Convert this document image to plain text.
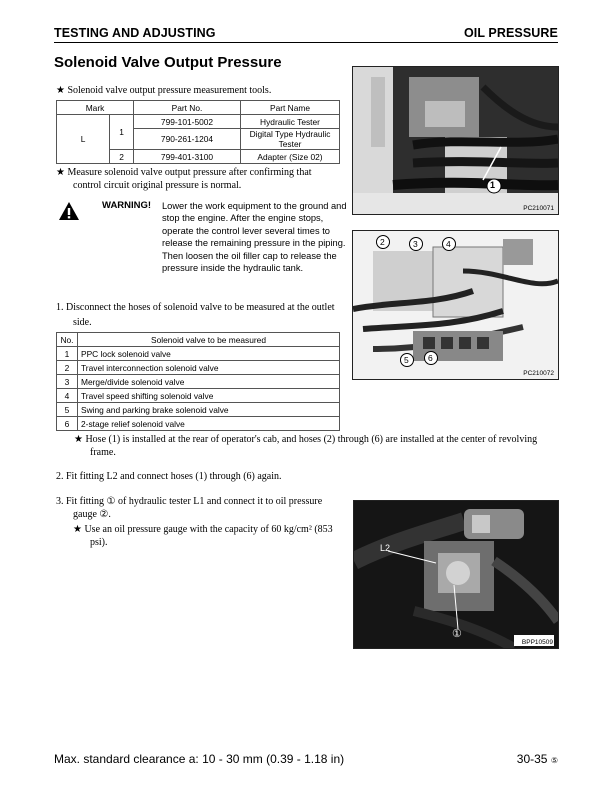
TESTING AND ADJUSTING	OIL PRESSURE
Solenoid Valve Output Pressure
★ Solenoid valve output pressure measurement tools.
Mark		Part No.	Part Name
L	1	799-101-5002	Hydraulic Tester
		790-261-1204	Digital Type Hydraulic Tester
	2	799-401-3100	Adapter (Size 02)
★ Measure solenoid valve output pressure after confirming that
control circuit original pressure is normal.
WARNING! Lower the work equipment to the ground and stop the engine. After the engine stops, operate the control lever several times to release the remaining pressure in the piping. Then loosen the oil filler cap to release the pressure inside the hydraulic tank.
1. Disconnect the hoses of solenoid valve to be measured at the outlet
side.
No.	Solenoid valve to be measured
1	PPC lock solenoid valve
2	Travel interconnection solenoid valve
3	Merge/divide solenoid valve
4	Travel speed shifting solenoid valve
5	Swing and parking brake solenoid valve
6	2-stage relief solenoid valve
★ Hose (1) is installed at the rear of operator's cab, and hoses (2) through (6) are installed at the center of revolving
frame.
2. Fit fitting L2 and connect hoses (1) through (6) again.
3. Fit fitting ① of hydraulic tester L1 and connect it to oil pressure
gauge ②.
★ Use an oil pressure gauge with the capacity of 60 kg/cm² (853
psi).
1
PC210071
2	3	4
5 6
PC210072
L2
①
BPP10509
Max. standard clearance a: 10 - 30 mm (0.39 - 1.18 in)	30-35 ⑤
